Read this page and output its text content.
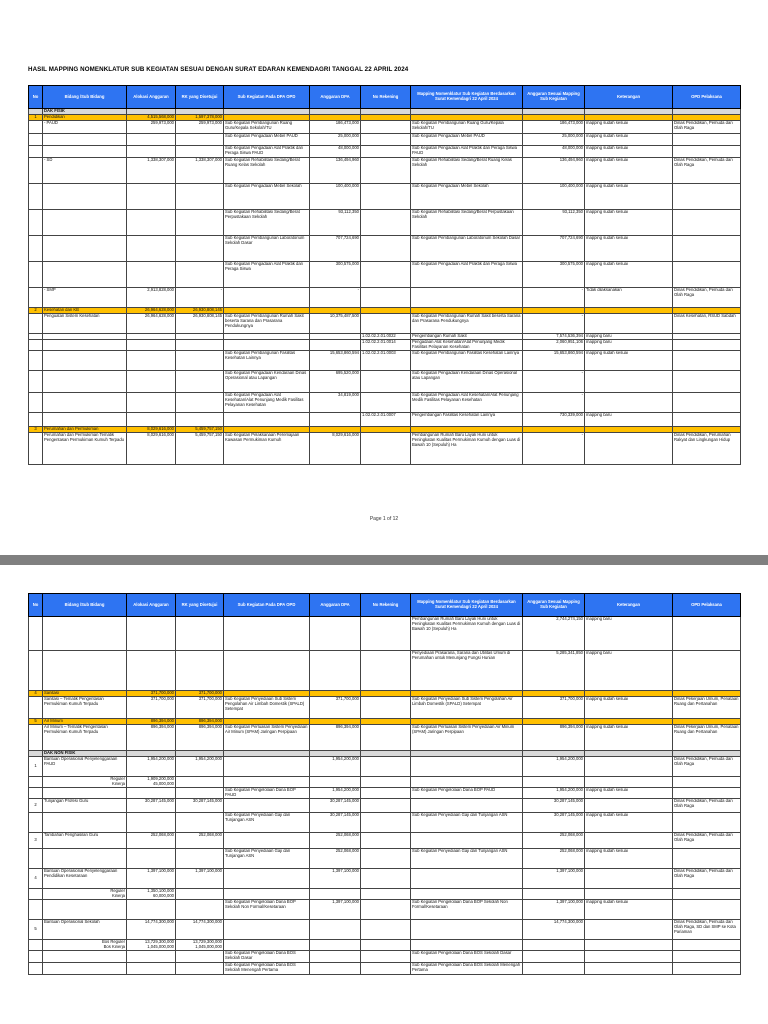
HASIL MAPPING NOMENKLATUR SUB KEGIATAN SESUAI DENGAN SURAT EDARAN KEMENDAGRI TANGGAL 22 APRIL 2024
No	Bidang /Sub Bidang	Alokasi Anggaran	RK yang Disetujui	Sub Kegiatan Pada DPA OPD	Anggaran DPA	No Rekening	Mapping Nomenklatur Sub Kegiatan Berdasarkan Surat Kemendagri 22 April 2024	Anggaran Sesuai Mapping Sub Kegiatan	Keterangan	OPD Pelaksana
	DAK FISIK									
1	Pendidikan	4,515,568,000	1,597,378,000							
	- PAUD	259,973,000	259,973,000	Sub Kegiatan Pembangunan Ruang Guru/Kepala Sekolah/TU	186,473,000		Sub Kegiatan Pembangunan Ruang Guru/Kepala Sekolah/TU	186,473,000	mapping sudah sesuai	Dinas Pendidikan, Pemuda dan Olah Raga
				Sub Kegiatan Pengadaan Mebel PAUD	25,000,000		Sub Kegiatan Pengadaan Mebel PAUD	25,000,000	mapping sudah sesuai	
				Sub Kegiatan Pengadaan Alat Praktik dan Peraga Siswa PAUD	48,000,000		Sub Kegiatan Pengadaan Alat Praktik dan Peraga Siswa PAUD	48,000,000	mapping sudah sesuai	
	- SD	1,338,307,000	1,338,307,000	Sub Kegiatan Rehabilitasi Sedang/Berat Ruang Kelas Sekolah	136,494,960		Sub Kegiatan Rehabilitasi Sedang/Berat Ruang Kelas Sekolah	136,494,960	mapping sudah sesuai	Dinas Pendidikan, Pemuda dan Olah Raga
				Sub Kegiatan Pengadaan Mebel Sekolah	100,400,000		Sub Kegiatan Pengadaan Mebel Sekolah	100,400,000	mapping sudah sesuai	
				Sub Kegiatan Rehabilitasi Sedang/Berat Perpustakaan Sekolah	93,112,350		Sub Kegiatan Rehabilitasi Sedang/Berat Perpustakaan Sekolah	93,112,350	mapping sudah sesuai	
				Sub Kegiatan Pembangunan Laboratorium Sekolah Dasar	707,724,690		Sub Kegiatan Pembangunan Laboratorium Sekolah Dasar	707,724,690	mapping sudah sesuai	
				Sub Kegiatan Pengadaan Alat Praktik dan Peraga Siswa	300,575,000		Sub Kegiatan Pengadaan Alat Praktik dan Peraga Siswa	300,575,000	mapping sudah sesuai	
	- SMP	2,913,828,000	-		-			-	Tidak dilaksanakan	Dinas Pendidikan, Pemuda dan Olah Raga
2	Kesehatan dan KB	26,964,628,000	26,930,808,145							
	Penguatan Sistem Kesehatan	26,964,628,000	26,930,808,145	Sub Kegiatan Pembangunan Rumah Sakit beserta Sarana dan Prasarana Pendukungnya	10,375,487,500		Sub Kegiatan Pembangunan Rumah Sakit beserta Sarana dan Prasarana Pendukungnya	-		Dinas Kesehatan, RSUD Sabdah
						1.02.02.2.01.0022	Pengembangan Rumah Sakit	7,574,536,394	mapping baru	
						1.02.02.2.01.0014	Pengadaan Alat Kesehatan/Alat Penunjang Medik Fasilitas Pelayanan Kesehatan	2,060,951,106	mapping baru	
				Sub Kegiatan Pembangunan Fasilitas Kesehatan Lainnya	15,653,860,594	1.02.02.2.01.0003	Sub Kegiatan Pembangunan Fasilitas Kesehatan Lainnya	15,653,860,594	mapping sudah sesuai	
				Sub Kegiatan Pengadaan Kendaraan Dinas Operasional atau Lapangan	695,520,000		Sub Kegiatan Pengadaan Kendaraan Dinas Operasional atau Lapangan	-		
				Sub Kegiatan Pengadaan Alat Kesehatan/Alat Penunjang Medik Fasilitas Pelayanan Kesehatan	34,819,000		Sub Kegiatan Pengadaan Alat Kesehatan/Alat Penunjang Medik Fasilitas Pelayanan Kesehatan	-		
						1.02.02.2.01.0007	Pengembangan Fasilitas Kesehatan Lainnya	730,339,000	mapping baru	
3	Perumahan dan Permukiman	8,029,616,000	5,459,757,150							
	Perumahan dan Permukiman Tematik Pengentasan Permukiman Kumuh Terpadu	8,029,616,000	5,459,757,150	Sub Kegiatan Pelaksanaan Peremajaan Kawasan Permukiman Kumuh	8,029,616,000		Pembangunan Rumah Baru Layak Huni untuk Peningkatan Kualitas Permukiman Kumuh dengan Luas di Bawah 10 (Sepuluh) Ha	-		Dinas Pendidikan, Perumahan Rakyat dan Lingkungan Hidup
Page 1 of 12
No	Bidang /Sub Bidang	Alokasi Anggaran	RK yang Disetujui	Sub Kegiatan Pada DPA OPD	Anggaran DPA	No Rekening	Mapping Nomenklatur Sub Kegiatan Berdasarkan Surat Kemendagri 22 April 2024	Anggaran Sesuai Mapping Sub Kegiatan	Keterangan	OPD Pelaksana
							Pembangunan Rumah Baru Layak Huni untuk Peningkatan Kualitas Permukiman Kumuh dengan Luas di Bawah 10 (Sepuluh) Ha	2,744,274,150	mapping baru	
							Penyediaan Prasarana, Sarana dan Utilitas Umum di Perumahan untuk Menunjang Fungsi Hunian	5,285,341,850	mapping baru	
4	Sanitasi	371,700,000	371,700,000							
	Sanitasi – Tematik Pengentasan Permukiman Kumuh Terpadu	371,700,000	371,700,000	Sub Kegiatan Penyediaan Sub Sistem Pengolahan Air Limbah Domestik (SPALD) Setempat	371,700,000		Sub Kegiatan Penyediaan Sub Sistem Pengolahan Air Limbah Domestik (SPALD) Setempat	371,700,000	mapping sudah sesuai	Dinas Pekerjaan Umum, Penataan Ruang dan Pertanahan
5	Air Minum	896,394,000	896,394,000							
	Air Minum – Tematik Pengentasan Permukiman Kumuh Terpadu	896,394,000	896,394,000	Sub Kegiatan Perluasan Sistem Penyediaan Air Minum (SPAM) Jaringan Perpipaan	896,394,000		Sub Kegiatan Perluasan Sistem Penyediaan Air Minum (SPAM) Jaringan Perpipaan	896,394,000	mapping sudah sesuai	Dinas Pekerjaan Umum, Penataan Ruang dan Pertanahan
	DAK NON FISIK									
1	Bantuan Operasional Penyelenggaraan PAUD	1,954,200,000	1,954,200,000		1,954,200,000			1,954,200,000		Dinas Pendidikan, Pemuda dan Olah Raga
	Reguler	1,909,200,000								
	Kinerja	45,000,000								
				Sub Kegiatan Pengelolaan Dana BOP PAUD	1,954,200,000		Sub Kegiatan Pengelolaan Dana BOP PAUD	1,954,200,000	mapping sudah sesuai	
2	Tunjangan Profesi Guru	30,287,145,000	30,287,145,000		30,287,145,000			30,287,145,000		Dinas Pendidikan, Pemuda dan Olah Raga
				Sub Kegiatan Penyediaan Gaji dan Tunjangan ASN	30,287,145,000		Sub Kegiatan Penyediaan Gaji dan Tunjangan ASN	30,287,145,000	mapping sudah sesuai	
3	Tambahan Penghasilan Guru	252,068,000	252,068,000		252,068,000			252,068,000		Dinas Pendidikan, Pemuda dan Olah Raga
				Sub Kegiatan Penyediaan Gaji dan Tunjangan ASN	252,068,000		Sub Kegiatan Penyediaan Gaji dan Tunjangan ASN	252,068,000	mapping sudah sesuai	
4	Bantuan Operasional Penyelenggaraan Pendidikan Kesetaraan	1,397,100,000	1,397,100,000		1,397,100,000			1,397,100,000		Dinas Pendidikan, Pemuda dan Olah Raga
	Reguler	1,350,100,000								
	Kinerja	60,000,000								
				Sub Kegiatan Pengelolaan Dana BOP Sekolah Non Formal/Kesetaraan	1,397,100,000		Sub Kegiatan Pengelolaan Dana BOP Sekolah Non Formal/Kesetaraan	1,397,100,000	mapping sudah sesuai	
5	Bantuan Operasional Sekolah	14,774,300,000	14,774,300,000					14,774,300,000		Dinas Pendidikan, Pemuda dan Olah Raga, SD dan SMP se Kota Pariaman
	Bos Reguler	13,729,300,000	13,729,300,000							
	Bos Kinerja	1,045,000,000	1,045,000,000							
				Sub Kegiatan Pengelolaan Dana BOS Sekolah Dasar			Sub Kegiatan Pengelolaan Dana BOS Sekolah Dasar			
				Sub Kegiatan Pengelolaan Dana BOS Sekolah Menengah Pertama			Sub Kegiatan Pengelolaan Dana BOS Sekolah Menengah Pertama			
